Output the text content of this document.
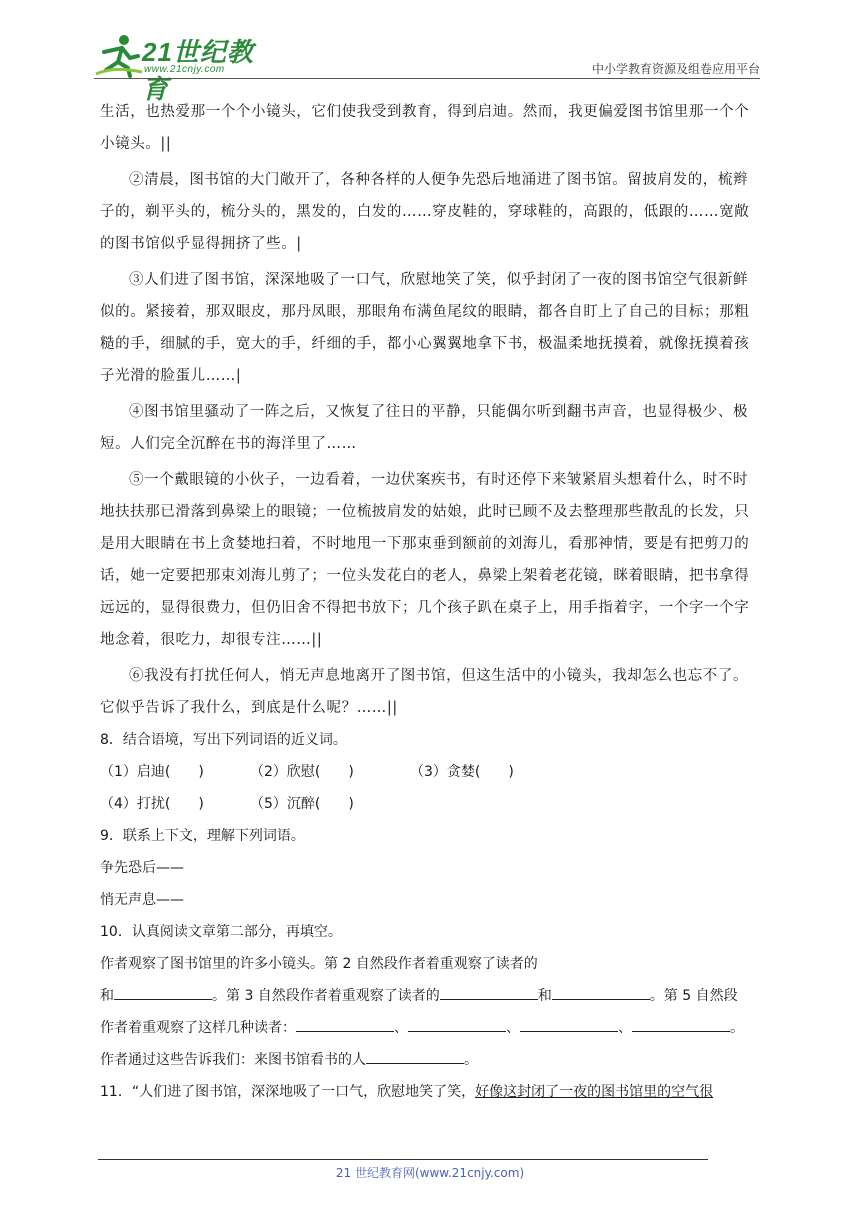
21世纪教育
www.21cnjy.com	中小学教育资源及组卷应用平台

生活，也热爱那一个个小镜头，它们使我受到教育，得到启迪。然而，我更偏爱图书馆里那一个个小镜头。||

②清晨，图书馆的大门敞开了，各种各样的人便争先恐后地涌进了图书馆。留披肩发的，梳辫子的，剃平头的，梳分头的，黑发的，白发的……穿皮鞋的，穿球鞋的，高跟的，低跟的……宽敞的图书馆似乎显得拥挤了些。|

③人们进了图书馆，深深地吸了一口气，欣慰地笑了笑，似乎封闭了一夜的图书馆空气很新鲜似的。紧接着，那双眼皮，那丹凤眼，那眼角布满鱼尾纹的眼睛，都各自盯上了自己的目标；那粗糙的手，细腻的手，宽大的手，纤细的手，都小心翼翼地拿下书，极温柔地抚摸着，就像抚摸着孩子光滑的脸蛋儿……|

④图书馆里骚动了一阵之后，又恢复了往日的平静，只能偶尔听到翻书声音，也显得极少、极短。人们完全沉醉在书的海洋里了……

⑤一个戴眼镜的小伙子，一边看着，一边伏案疾书，有时还停下来皱紧眉头想着什么，时不时地扶扶那已滑落到鼻梁上的眼镜；一位梳披肩发的姑娘，此时已顾不及去整理那些散乱的长发，只是用大眼睛在书上贪婪地扫着，不时地甩一下那束垂到额前的刘海儿，看那神情，要是有把剪刀的话，她一定要把那束刘海儿剪了；一位头发花白的老人，鼻梁上架着老花镜，眯着眼睛，把书拿得远远的，显得很费力，但仍旧舍不得把书放下；几个孩子趴在桌子上，用手指着字，一个字一个字地念着，很吃力，却很专注……||

⑥我没有打扰任何人，悄无声息地离开了图书馆，但这生活中的小镜头，我却怎么也忘不了。它似乎告诉了我什么，到底是什么呢？……||

8．结合语境，写出下列词语的近义词。

（1）启迪(　　)	（2）欣慰(　　)	（3）贪婪(　　)
（4）打扰(　　)	（5）沉醉(　　)

9．联系上下文，理解下列词语。

争先恐后——

悄无声息——

10．认真阅读文章第二部分，再填空。

作者观察了图书馆里的许多小镜头。第 2 自然段作者着重观察了读者的

和	。第 3 自然段作者着重观察了读者的	和	。第 5 自然段

作者着重观察了这样几种读者：	、	、	、	。

作者通过这些告诉我们：来图书馆看书的人	。

11．“人们进了图书馆，深深地吸了一口气，欣慰地笑了笑，好像这封闭了一夜的图书馆里的空气很

21 世纪教育网(www.21cnjy.com)
